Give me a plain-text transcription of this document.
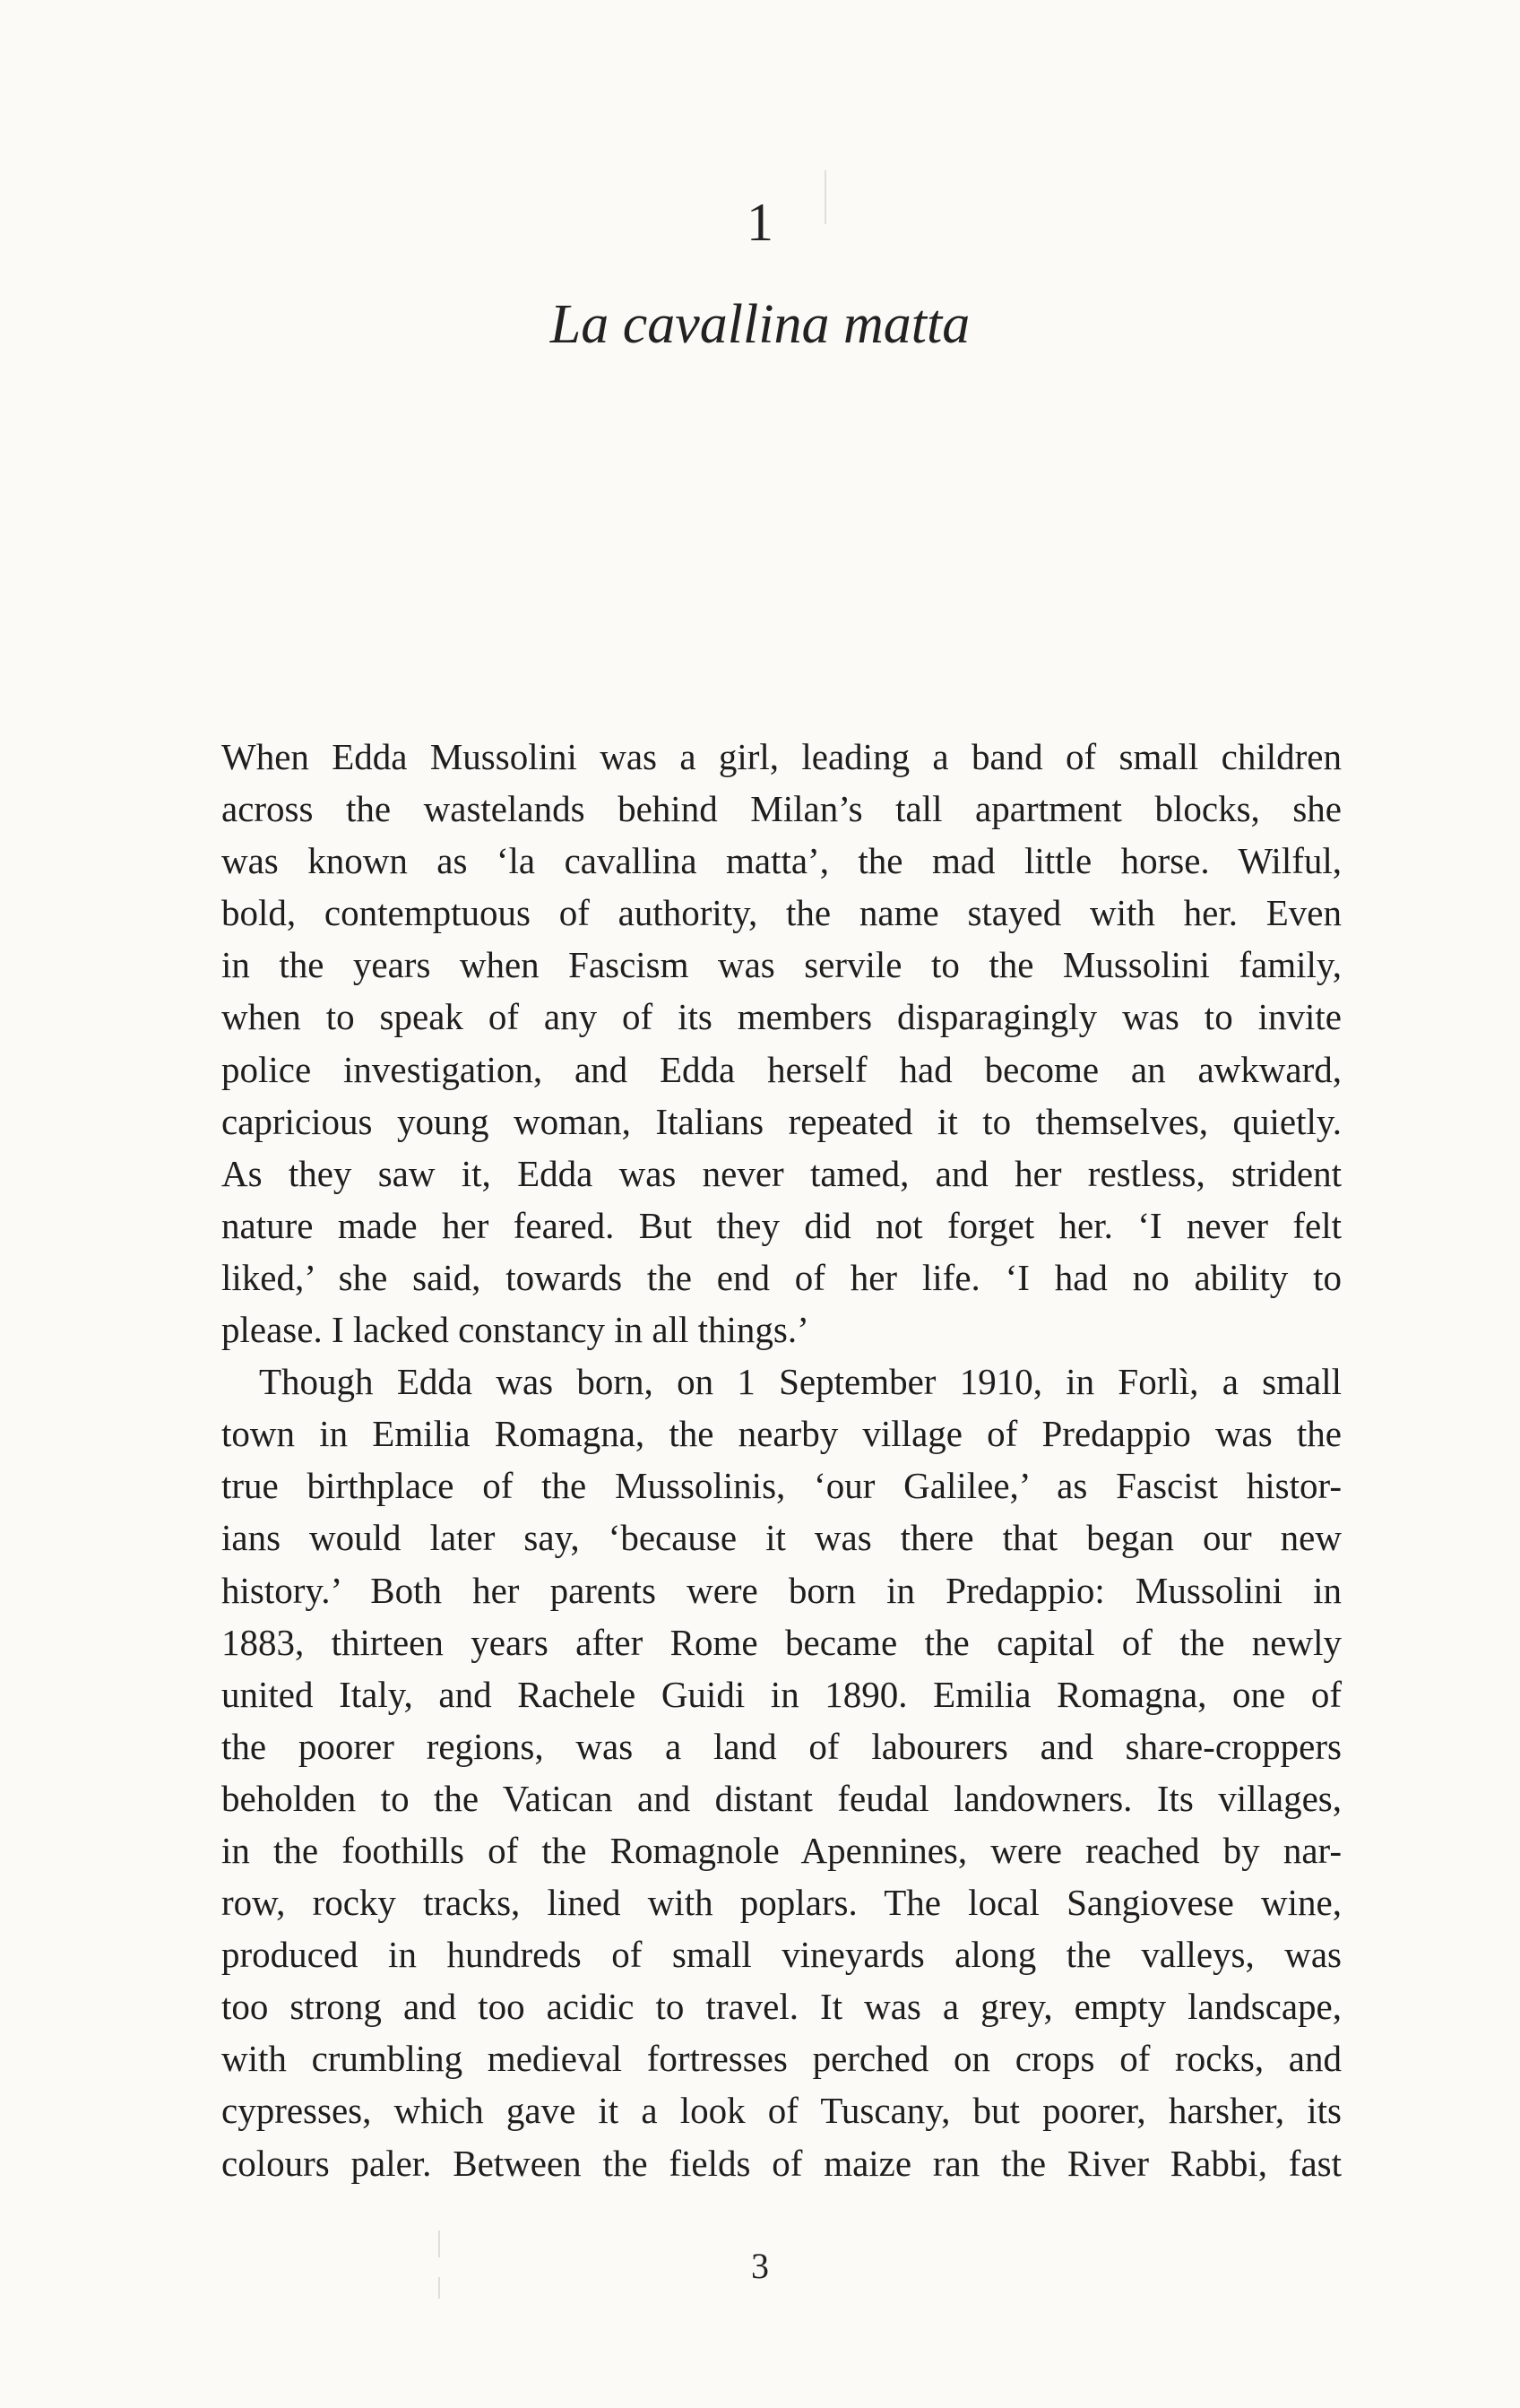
1
La cavallina matta
When Edda Mussolini was a girl, leading a band of small children
across the wastelands behind Milan’s tall apartment blocks, she
was known as ‘la cavallina matta’, the mad little horse. Wilful,
bold, contemptuous of authority, the name stayed with her. Even
in the years when Fascism was servile to the Mussolini family,
when to speak of any of its members disparagingly was to invite
police investigation, and Edda herself had become an awkward,
capricious young woman, Italians repeated it to themselves, quietly.
As they saw it, Edda was never tamed, and her restless, strident
nature made her feared. But they did not forget her. ‘I never felt
liked,’ she said, towards the end of her life. ‘I had no ability to
please. I lacked constancy in all things.’
Though Edda was born, on 1 September 1910, in Forlì, a small
town in Emilia Romagna, the nearby village of Predappio was the
true birthplace of the Mussolinis, ‘our Galilee,’ as Fascist histor-
ians would later say, ‘because it was there that began our new
history.’ Both her parents were born in Predappio: Mussolini in
1883, thirteen years after Rome became the capital of the newly
united Italy, and Rachele Guidi in 1890. Emilia Romagna, one of
the poorer regions, was a land of labourers and share-croppers
beholden to the Vatican and distant feudal landowners. Its villages,
in the foothills of the Romagnole Apennines, were reached by nar-
row, rocky tracks, lined with poplars. The local Sangiovese wine,
produced in hundreds of small vineyards along the valleys, was
too strong and too acidic to travel. It was a grey, empty landscape,
with crumbling medieval fortresses perched on crops of rocks, and
cypresses, which gave it a look of Tuscany, but poorer, harsher, its
colours paler. Between the fields of maize ran the River Rabbi, fast
3
